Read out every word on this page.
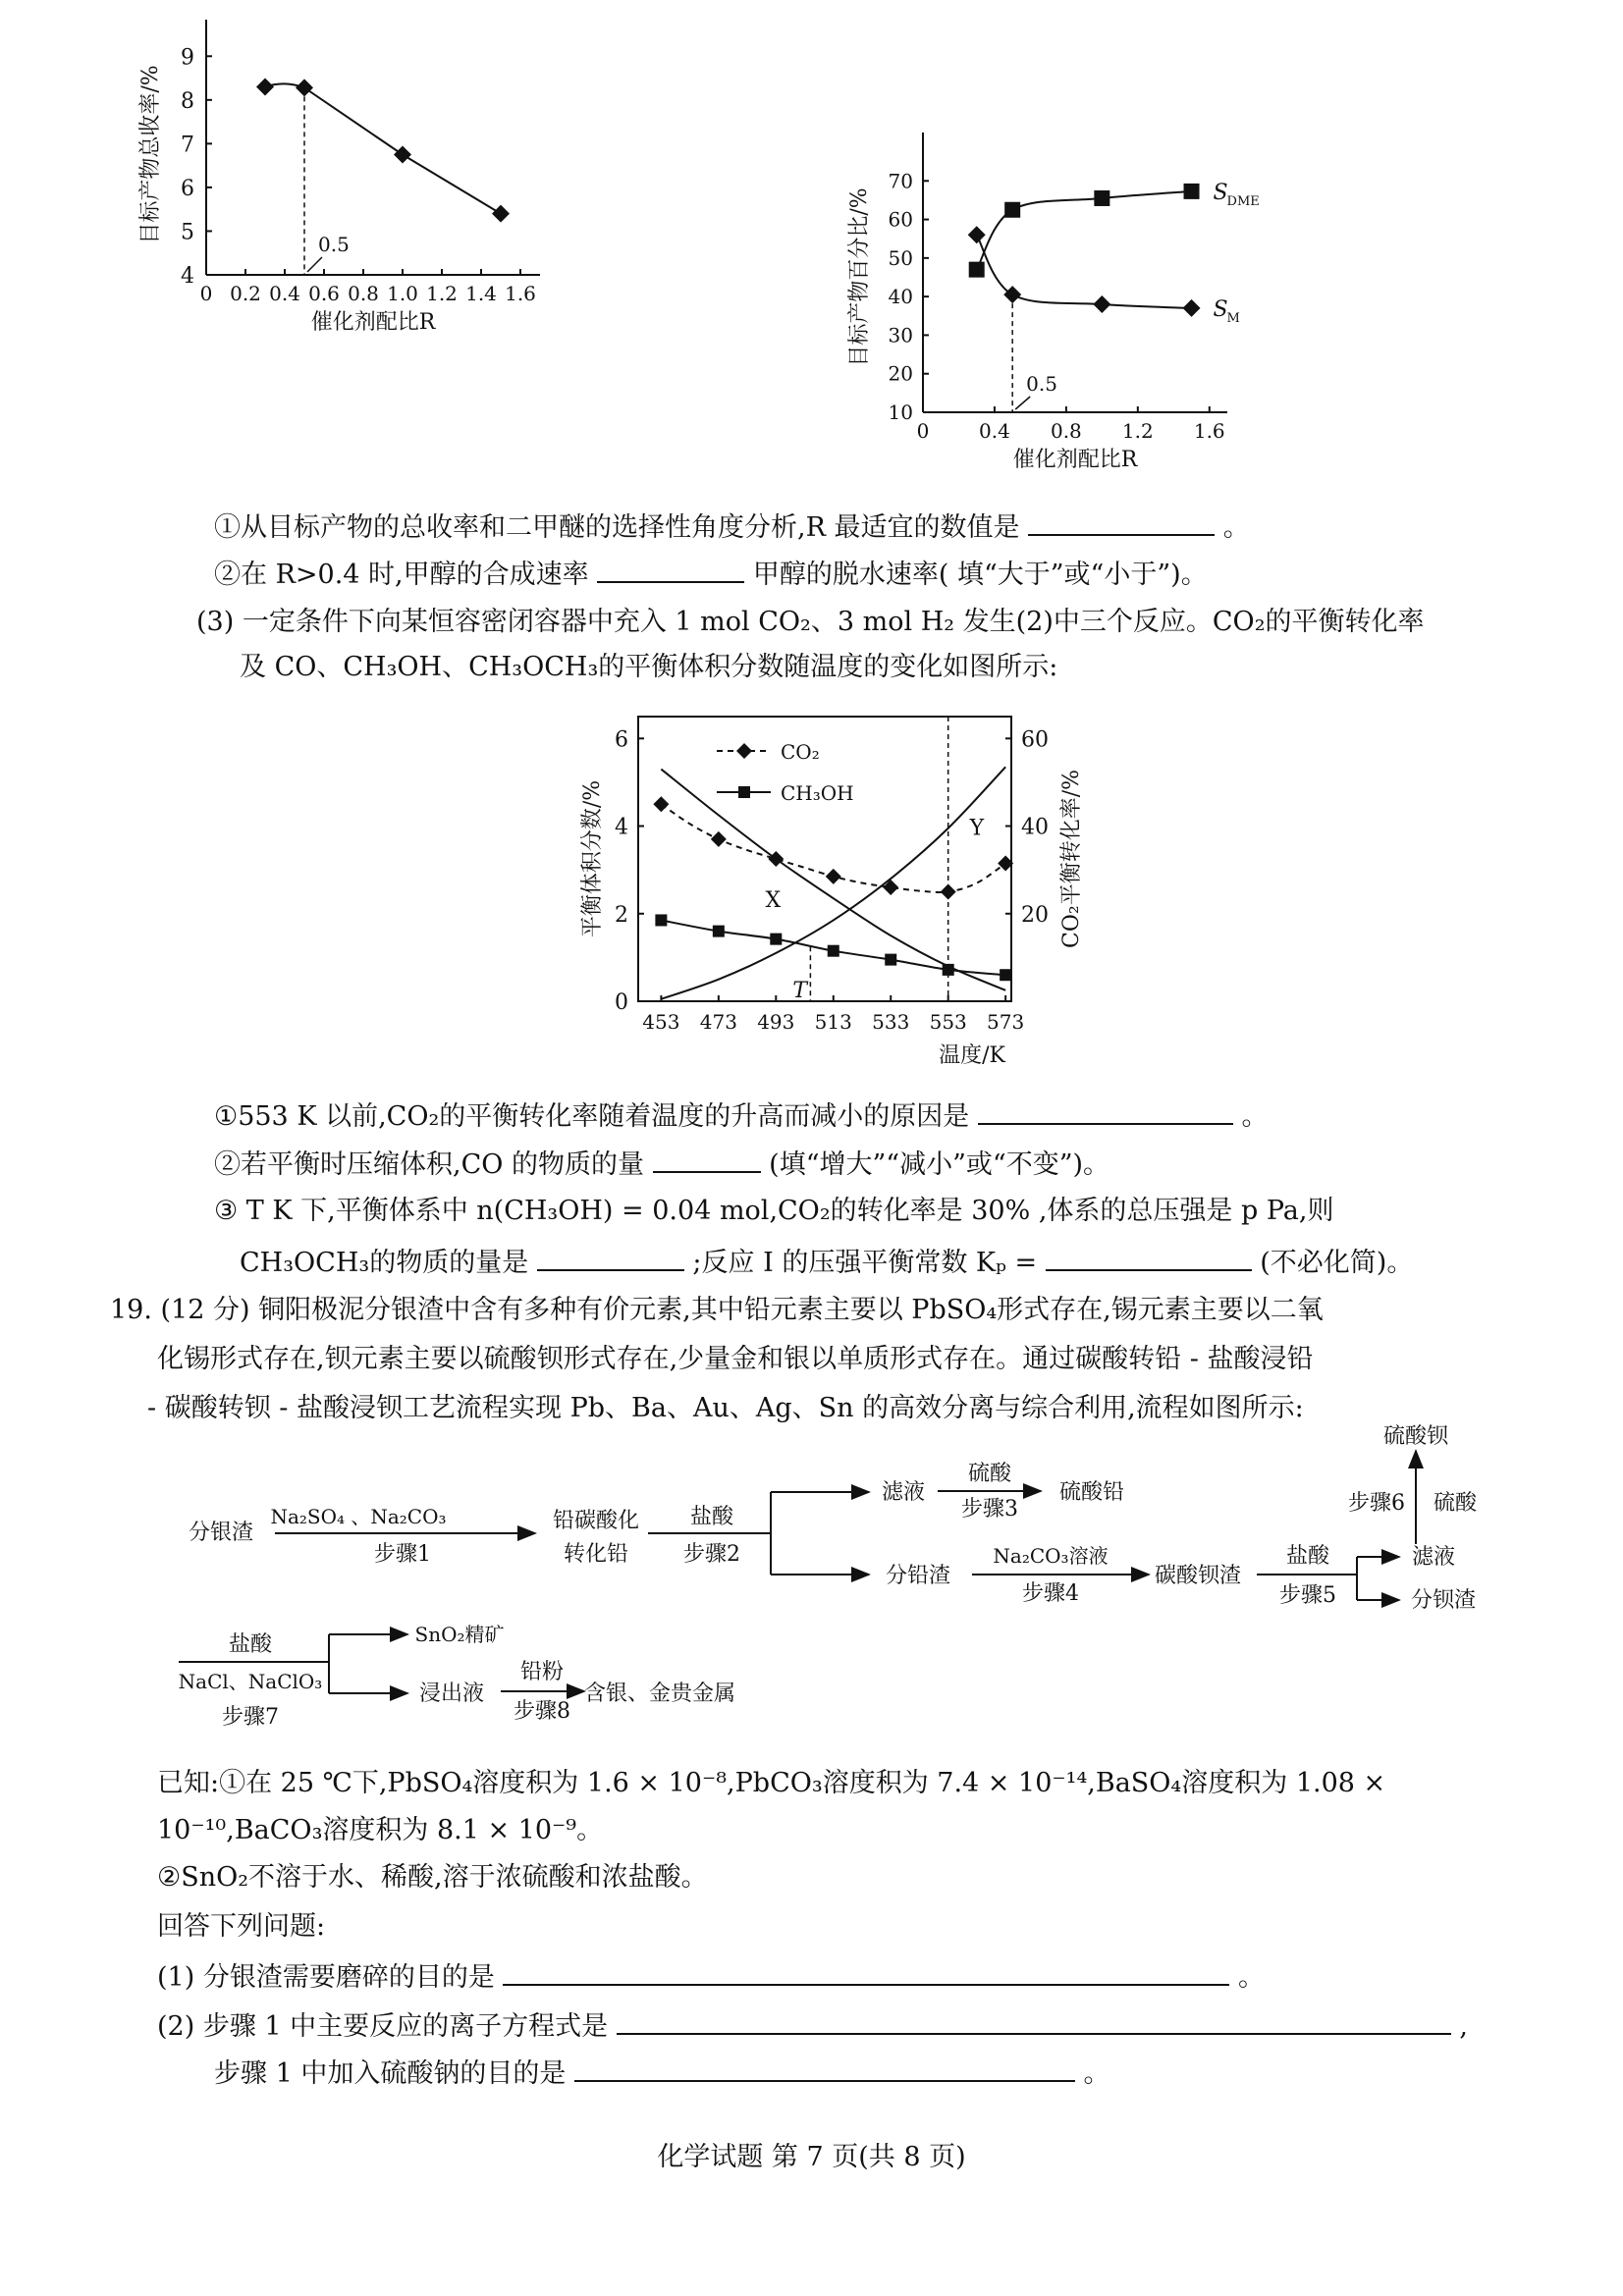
4
5
6
7
8
9
0 0.2 0.4 0.6 0.8 1.0 1.2 1.4 1.6
催化剂配比R
目标产物总收率/%
0.5
10
20
30
40
50
60
70
0	0.4 0.8 1.2 1.6
催化剂配比R
目标产物百分比/%	S
DME
S
M
0.5
①从目标产物的总收率和二甲醚的选择性角度分析,R 最适宜的数值是	。
②在 R>0.4 时,甲醇的合成速率	甲醇的脱水速率( 填“大于”或“小于”)。
(3) 一定条件下向某恒容密闭容器中充入 1 mol CO₂、3 mol H₂ 发生(2)中三个反应。CO₂的平衡转化率
及 CO、CH₃OH、CH₃OCH₃的平衡体积分数随温度的变化如图所示:
0
2
4
6
20
40
60
453 473 493 513 533 553 573
温度/K
平衡体积分数/%	CO₂平衡转化率/%
X
Y
T
CO₂
CH₃OH
①553 K 以前,CO₂的平衡转化率随着温度的升高而减小的原因是	。
②若平衡时压缩体积,CO 的物质的量	(填“增大”“减小”或“不变”)。
③ T K 下,平衡体系中 n(CH₃OH) = 0.04 mol,CO₂的转化率是 30% ,体系的总压强是 p Pa,则
CH₃OCH₃的物质的量是	;反应 Ⅰ 的压强平衡常数 Kₚ =	(不必化简)。
19. (12 分) 铜阳极泥分银渣中含有多种有价元素,其中铅元素主要以 PbSO₄形式存在,锡元素主要以二氧
化锡形式存在,钡元素主要以硫酸钡形式存在,少量金和银以单质形式存在。通过碳酸转铅 - 盐酸浸铅
- 碳酸转钡 - 盐酸浸钡工艺流程实现 Pb、Ba、Au、Ag、Sn 的高效分离与综合利用,流程如图所示:
分银渣
Na₂SO₄ 、Na₂CO₃
步骤1
铅碳酸化
转化铅
盐酸
步骤2
滤液
硫酸
步骤3
硫酸铅
分铅渣
Na₂CO₃溶液
步骤4
碳酸钡渣
盐酸
步骤5
滤液
分钡渣
步骤6 硫酸
硫酸钡
盐酸
NaCl、NaClO₃
步骤7
SnO₂精矿
浸出液
铅粉
步骤8
含银、金贵金属
已知:①在 25 ℃下,PbSO₄溶度积为 1.6 × 10⁻⁸,PbCO₃溶度积为 7.4 × 10⁻¹⁴,BaSO₄溶度积为 1.08 ×
10⁻¹⁰,BaCO₃溶度积为 8.1 × 10⁻⁹。
②SnO₂不溶于水、稀酸,溶于浓硫酸和浓盐酸。
回答下列问题:
(1) 分银渣需要磨碎的目的是	。
(2) 步骤 1 中主要反应的离子方程式是	,
步骤 1 中加入硫酸钠的目的是	。
化学试题 第 7 页(共 8 页)
